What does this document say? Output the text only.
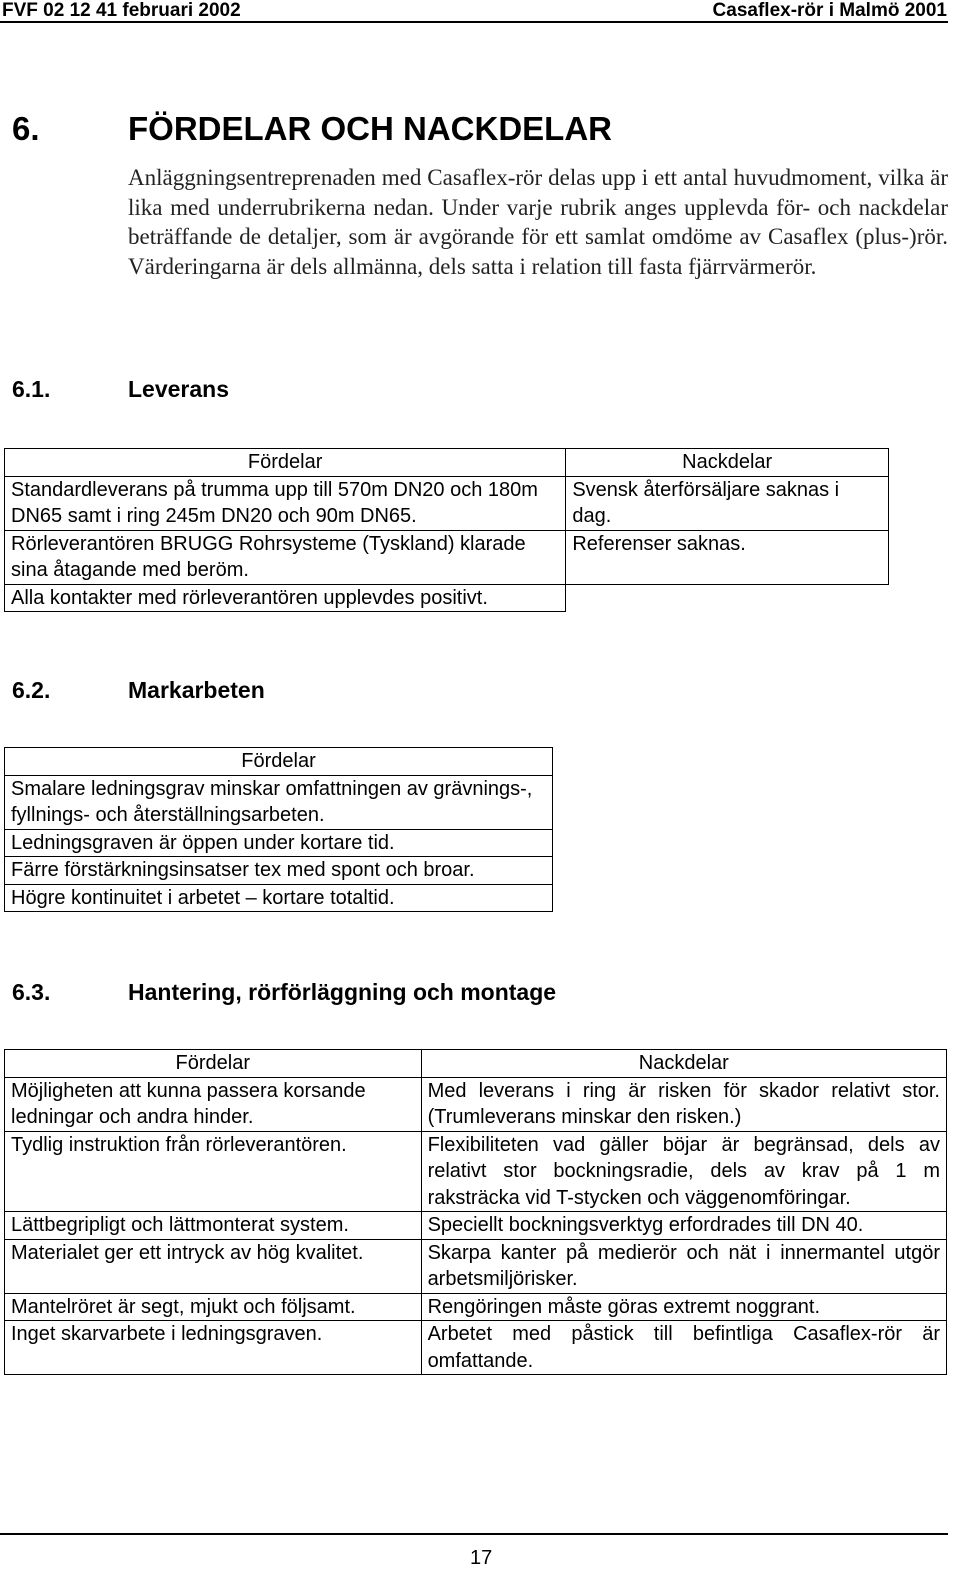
FVF 02 12 41 februari 2002	Casaflex-rör i Malmö 2001
6.	FÖRDELAR OCH NACKDELAR
Anläggningsentreprenaden med Casaflex-rör delas upp i ett antal huvudmoment, vilka är lika med underrubrikerna nedan. Under varje rubrik anges upplevda för- och nackdelar beträffande de detaljer, som är avgörande för ett samlat omdöme av Casaflex (plus-)rör. Värderingarna är dels allmänna, dels satta i relation till fasta fjärrvärmerör.
6.1.	Leverans
Fördelar	Nackdelar
Standardleverans på trumma upp till 570m DN20 och 180m DN65 samt i ring 245m DN20 och 90m DN65.	Svensk återförsäljare saknas i dag.
Rörleverantören BRUGG Rohrsysteme (Tyskland) klarade sina åtagande med beröm.	Referenser saknas.
Alla kontakter med rörleverantören upplevdes positivt.	
6.2.	Markarbeten
Fördelar
Smalare ledningsgrav minskar omfattningen av grävnings-, fyllnings- och återställningsarbeten.
Ledningsgraven är öppen under kortare tid.
Färre förstärkningsinsatser tex med spont och broar.
Högre kontinuitet i arbetet – kortare totaltid.
6.3.	Hantering, rörförläggning och montage
Fördelar	Nackdelar
Möjligheten att kunna passera korsande ledningar och andra hinder.	Med leverans i ring är risken för skador relativt stor. (Trumleverans minskar den risken.)
Tydlig instruktion från rörleverantören.	Flexibiliteten vad gäller böjar är begränsad, dels av relativt stor bockningsradie, dels av krav på 1 m raksträcka vid T-stycken och väggenomföringar.
Lättbegripligt och lättmonterat system.	Speciellt bockningsverktyg erfordrades till DN 40.
Materialet ger ett intryck av hög kvalitet.	Skarpa kanter på medierör och nät i innermantel utgör arbetsmiljörisker.
Mantelröret är segt, mjukt och följsamt.	Rengöringen måste göras extremt noggrant.
Inget skarvarbete i ledningsgraven.	Arbetet med påstick till befintliga Casaflex-rör är omfattande.
17
